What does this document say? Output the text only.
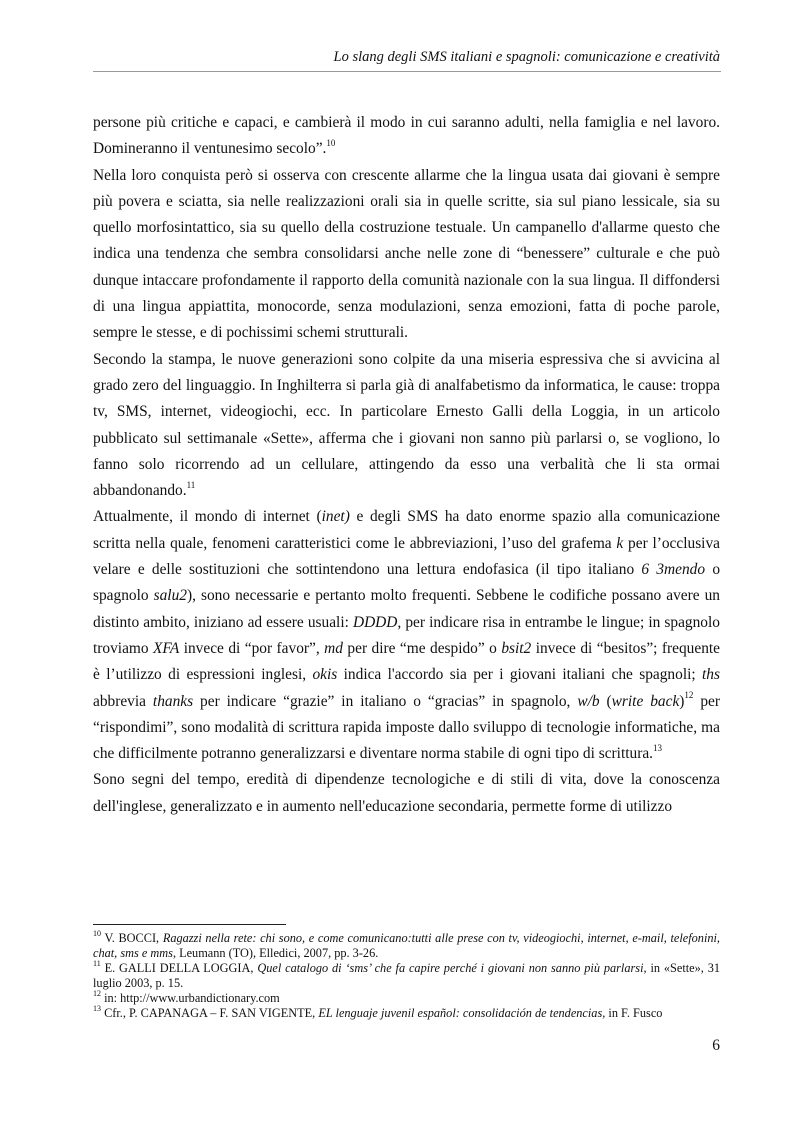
Lo slang degli SMS italiani e spagnoli: comunicazione e creatività

persone più critiche e capaci, e cambierà il modo in cui saranno adulti, nella famiglia e nel lavoro. Domineranno il ventunesimo secolo”.$^{10}$

Nella loro conquista però si osserva con crescente allarme che la lingua usata dai giovani è sempre più povera e sciatta, sia nelle realizzazioni orali sia in quelle scritte, sia sul piano lessicale, sia su quello morfosintattico, sia su quello della costruzione testuale. Un campanello d'allarme questo che indica una tendenza che sembra consolidarsi anche nelle zone di “benessere” culturale e che può dunque intaccare profondamente il rapporto della comunità nazionale con la sua lingua. Il diffondersi di una lingua appiattita, monocorde, senza modulazioni, senza emozioni, fatta di poche parole, sempre le stesse, e di pochissimi schemi strutturali.

Secondo la stampa, le nuove generazioni sono colpite da una miseria espressiva che si avvicina al grado zero del linguaggio. In Inghilterra si parla già di analfabetismo da informatica, le cause: troppa tv, SMS, internet, videogiochi, ecc. In particolare Ernesto Galli della Loggia, in un articolo pubblicato sul settimanale «Sette», afferma che i giovani non sanno più parlarsi o, se vogliono, lo fanno solo ricorrendo ad un cellulare, attingendo da esso una verbalità che li sta ormai abbandonando.$^{11}$

Attualmente, il mondo di internet (inet) e degli SMS ha dato enorme spazio alla comunicazione scritta nella quale, fenomeni caratteristici come le abbreviazioni, l’uso del grafema k per l’occlusiva velare e delle sostituzioni che sottintendono una lettura endofasica (il tipo italiano 6 3mendo o spagnolo salu2), sono necessarie e pertanto molto frequenti. Sebbene le codifiche possano avere un distinto ambito, iniziano ad essere usuali: DDDD, per indicare risa in entrambe le lingue; in spagnolo troviamo XFA invece di “por favor”, md per dire “me despido” o bsit2 invece di “besitos”; frequente è l’utilizzo di espressioni inglesi, okis indica l'accordo sia per i giovani italiani che spagnoli; ths abbrevia thanks per indicare “grazie” in italiano o “gracias” in spagnolo, w/b (write back)$^{12}$ per “rispondimi”, sono modalità di scrittura rapida imposte dallo sviluppo di tecnologie informatiche, ma che difficilmente potranno generalizzarsi e diventare norma stabile di ogni tipo di scrittura.$^{13}$

Sono segni del tempo, eredità di dipendenze tecnologiche e di stili di vita, dove la conoscenza dell'inglese, generalizzato e in aumento nell'educazione secondaria, permette forme di utilizzo

$^{10}$ V. BOCCI, Ragazzi nella rete: chi sono, e come comunicano:tutti alle prese con tv, videogiochi, internet, e-mail, telefonini, chat, sms e mms, Leumann (TO), Elledici, 2007, pp. 3-26.

$^{11}$ E. GALLI DELLA LOGGIA, Quel catalogo di ‘sms’ che fa capire perché i giovani non sanno più parlarsi, in «Sette», 31 luglio 2003, p. 15.

$^{12}$ in: http://www.urbandictionary.com

$^{13}$ Cfr., P. CAPANAGA – F. SAN VIGENTE, EL lenguaje juvenil español: consolidación de tendencias, in F. Fusco

6
